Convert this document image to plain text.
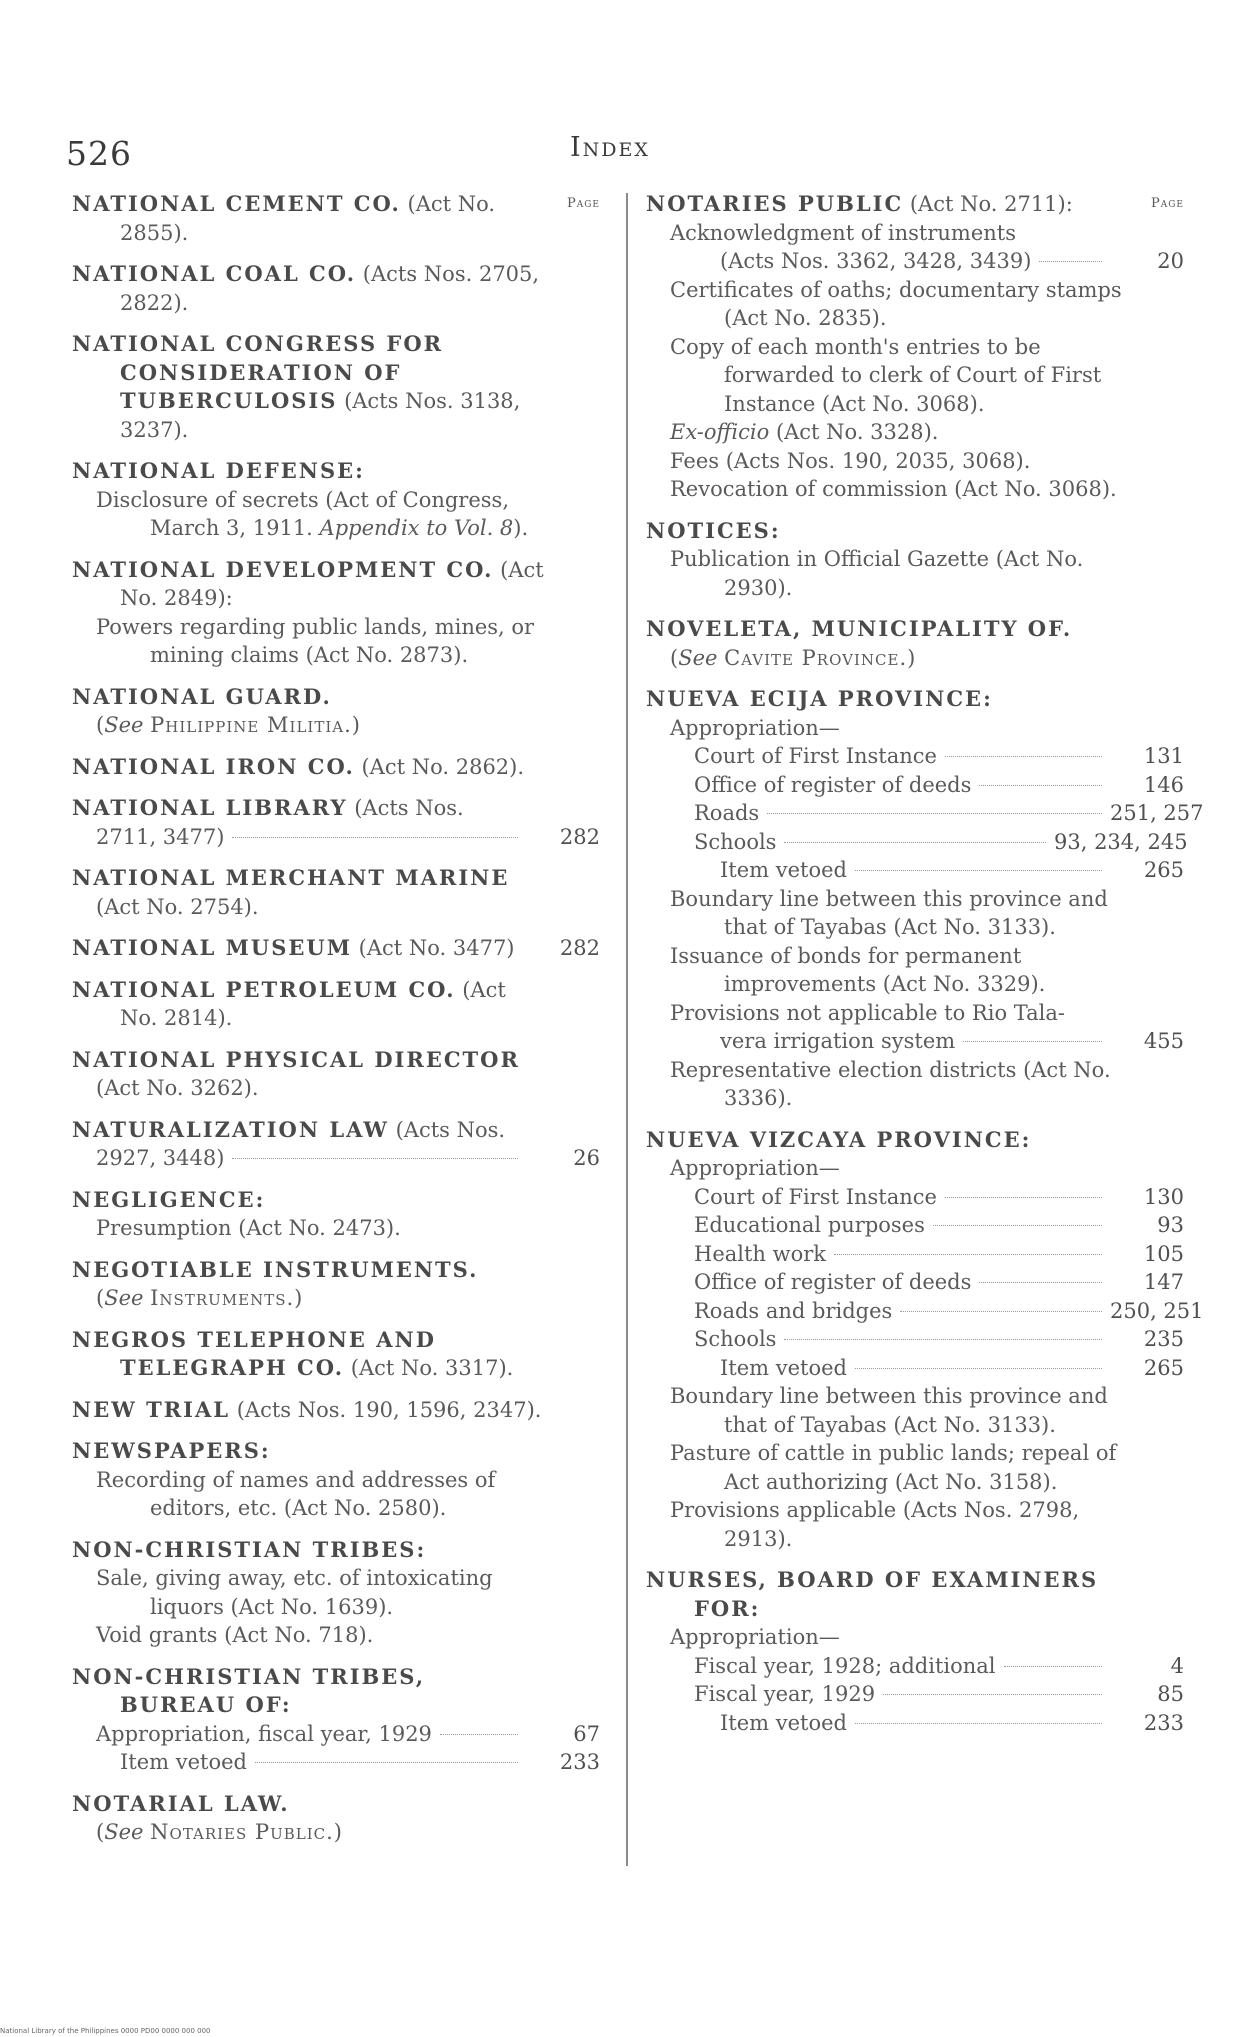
526	Index
Page
NATIONAL CEMENT CO. (Act No. 2855).
NATIONAL COAL CO. (Acts Nos. 2705, 2822).
NATIONAL CONGRESS FOR CONSIDERATION OF TUBERCULOSIS (Acts Nos. 3138, 3237).
NATIONAL DEFENSE:
Disclosure of secrets (Act of Congress, March 3, 1911. Appendix to Vol. 8).
NATIONAL DEVELOPMENT CO. (Act No. 2849):
Powers regarding public lands, mines, or mining claims (Act No. 2873).
NATIONAL GUARD.
(See Philippine Militia.)
NATIONAL IRON CO. (Act No. 2862).
NATIONAL LIBRARY (Acts Nos.
2711, 3477)	282
NATIONAL MERCHANT MARINE
(Act No. 2754).
NATIONAL MUSEUM (Act No. 3477)	282
NATIONAL PETROLEUM CO. (Act No. 2814).
NATIONAL PHYSICAL DIRECTOR
(Act No. 3262).
NATURALIZATION LAW (Acts Nos.
2927, 3448)	26
NEGLIGENCE:
Presumption (Act No. 2473).
NEGOTIABLE INSTRUMENTS.
(See Instruments.)
NEGROS TELEPHONE AND TELEGRAPH CO. (Act No. 3317).
NEW TRIAL (Acts Nos. 190, 1596, 2347).
NEWSPAPERS:
Recording of names and addresses of editors, etc. (Act No. 2580).
NON-CHRISTIAN TRIBES:
Sale, giving away, etc. of intoxicating liquors (Act No. 1639).
Void grants (Act No. 718).
NON-CHRISTIAN TRIBES, BUREAU OF:
Appropriation, fiscal year, 1929	67
Item vetoed	233
NOTARIAL LAW.
(See Notaries Public.)
Page
NOTARIES PUBLIC (Act No. 2711):
Acknowledgment of instruments
(Acts Nos. 3362, 3428, 3439)	20
Certificates of oaths; documentary stamps (Act No. 2835).
Copy of each month's entries to be forwarded to clerk of Court of First Instance (Act No. 3068).
Ex-officio (Act No. 3328).
Fees (Acts Nos. 190, 2035, 3068).
Revocation of commission (Act No. 3068).
NOTICES:
Publication in Official Gazette (Act No. 2930).
NOVELETA, MUNICIPALITY OF.
(See Cavite Province.)
NUEVA ECIJA PROVINCE:
Appropriation—
Court of First Instance	131
Office of register of deeds	146
Roads	251, 257
Schools	93, 234, 245
Item vetoed	265
Boundary line between this province and that of Tayabas (Act No. 3133).
Issuance of bonds for permanent improvements (Act No. 3329).
Provisions not applicable to Rio Tala-
vera irrigation system	455
Representative election districts (Act No. 3336).
NUEVA VIZCAYA PROVINCE:
Appropriation—
Court of First Instance	130
Educational purposes	93
Health work	105
Office of register of deeds	147
Roads and bridges	250, 251
Schools	235
Item vetoed	265
Boundary line between this province and that of Tayabas (Act No. 3133).
Pasture of cattle in public lands; repeal of Act authorizing (Act No. 3158).
Provisions applicable (Acts Nos. 2798, 2913).
NURSES, BOARD OF EXAMINERS FOR:
Appropriation—
Fiscal year, 1928; additional	4
Fiscal year, 1929	85
Item vetoed	233
National Library of the Philippines 0000 PD00 0000 000 000
